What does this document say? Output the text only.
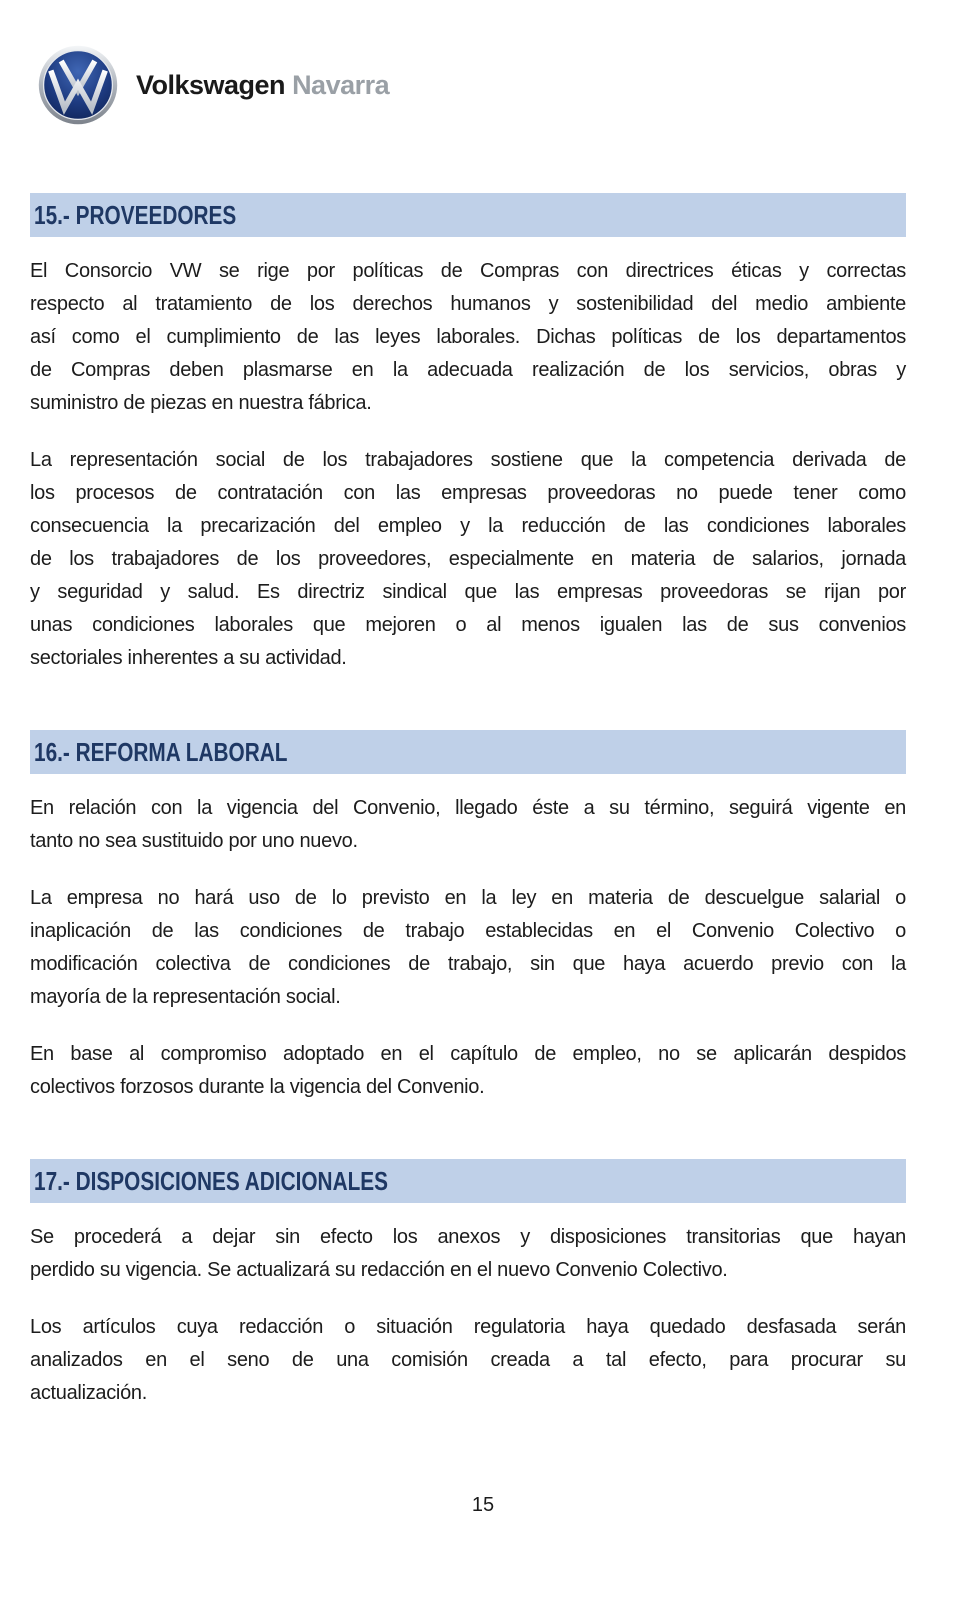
Volkswagen Navarra
15.- PROVEEDORES
El Consorcio VW se rige por políticas de Compras con directrices éticas y correctas
respecto al tratamiento de los derechos humanos y sostenibilidad del medio ambiente
así como el cumplimiento de las leyes laborales. Dichas políticas de los departamentos
de Compras deben plasmarse en la adecuada realización de los servicios, obras y
suministro de piezas en nuestra fábrica.
La representación social de los trabajadores sostiene que la competencia derivada de
los procesos de contratación con las empresas proveedoras no puede tener como
consecuencia la precarización del empleo y la reducción de las condiciones laborales
de los trabajadores de los proveedores, especialmente en materia de salarios, jornada
y seguridad y salud. Es directriz sindical que las empresas proveedoras se rijan por
unas condiciones laborales que mejoren o al menos igualen las de sus convenios
sectoriales inherentes a su actividad.
16.- REFORMA LABORAL
En relación con la vigencia del Convenio, llegado éste a su término, seguirá vigente en
tanto no sea sustituido por uno nuevo.
La empresa no hará uso de lo previsto en la ley en materia de descuelgue salarial o
inaplicación de las condiciones de trabajo establecidas en el Convenio Colectivo o
modificación colectiva de condiciones de trabajo, sin que haya acuerdo previo con la
mayoría de la representación social.
En base al compromiso adoptado en el capítulo de empleo, no se aplicarán despidos
colectivos forzosos durante la vigencia del Convenio.
17.- DISPOSICIONES ADICIONALES
Se procederá a dejar sin efecto los anexos y disposiciones transitorias que hayan
perdido su vigencia. Se actualizará su redacción en el nuevo Convenio Colectivo.
Los artículos cuya redacción o situación regulatoria haya quedado desfasada serán
analizados en el seno de una comisión creada a tal efecto, para procurar su
actualización.
15
